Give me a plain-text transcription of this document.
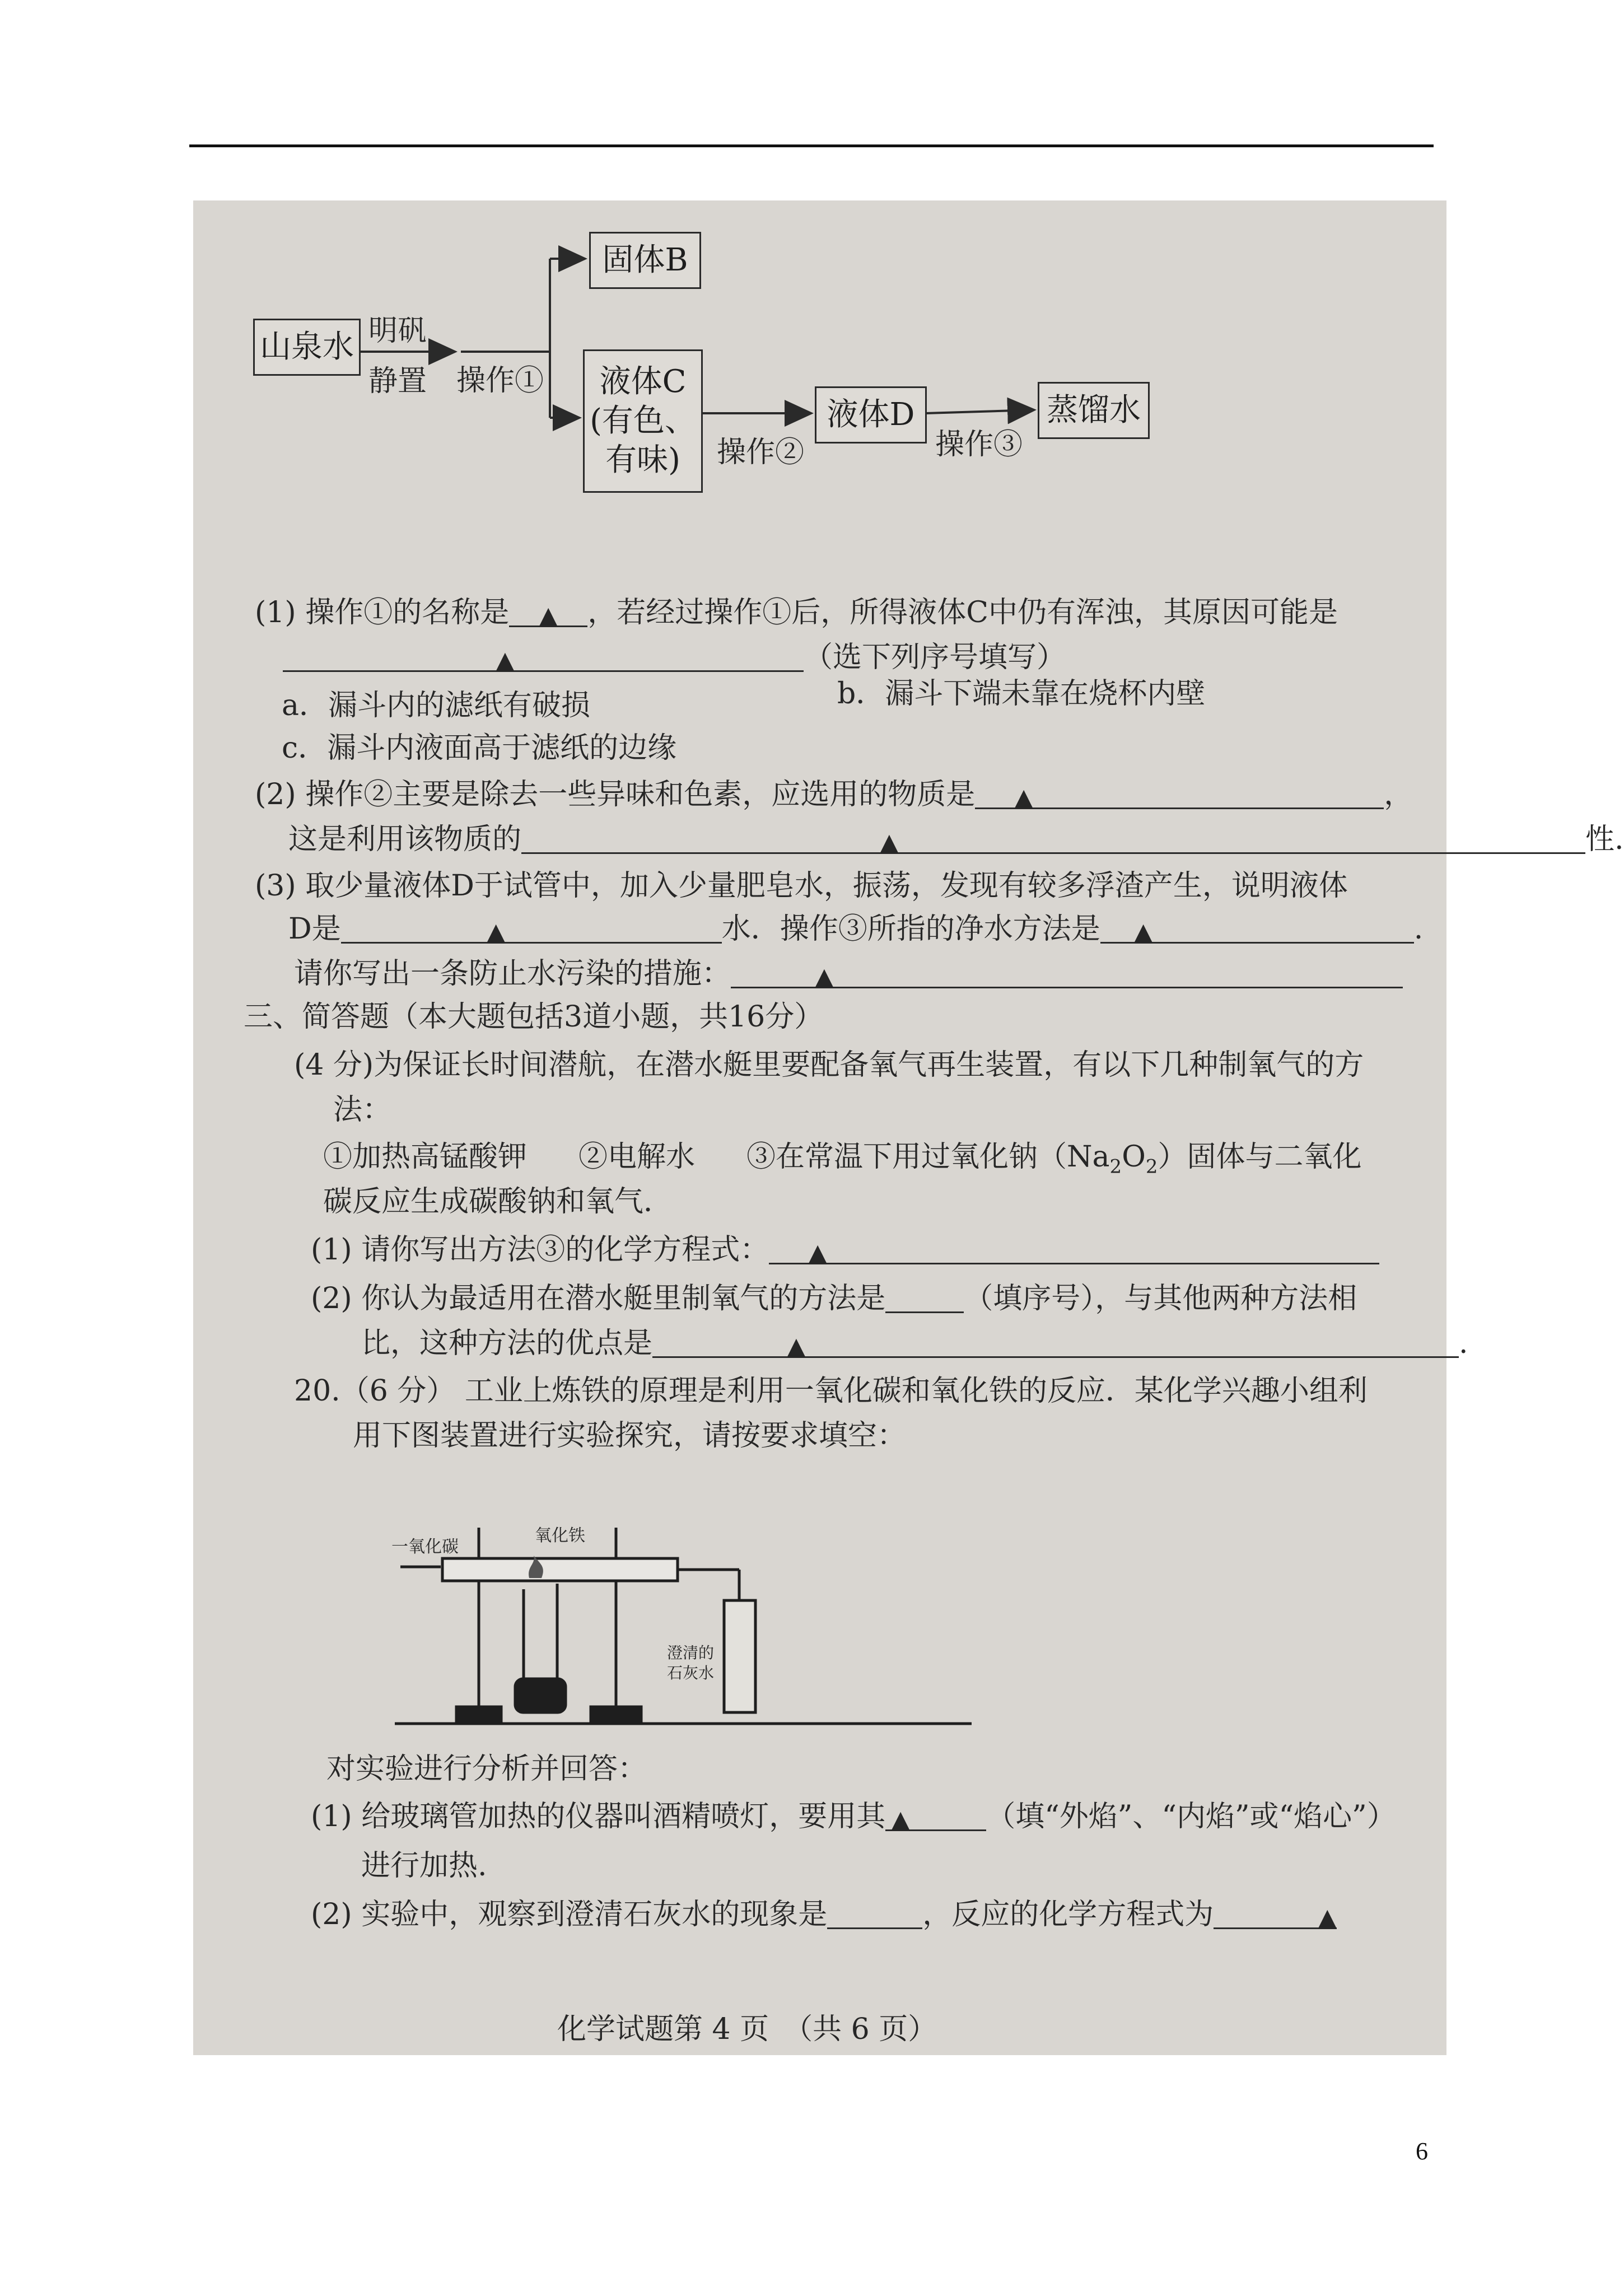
山泉水 明矾
静置 操作①
固体B
液体C
(有色、
有味) 操作②
液体D
操作③
蒸馏水
(1) 操作①的名称是 ▲ ，若经过操作①后，所得液体C中仍有浑浊，其原因可能是
▲	（选下列序号填写）
a．漏斗内的滤纸有破损	b．漏斗下端未靠在烧杯内壁
c．漏斗内液面高于滤纸的边缘
(2) 操作②主要是除去一些异味和色素，应选用的物质是 ▲	，
这是利用该物质的	▲	性.
(3) 取少量液体D于试管中，加入少量肥皂水，振荡，发现有较多浮渣产生，说明液体
D是	▲	水．操作③所指的净水方法是 ▲	.
请你写出一条防止水污染的措施：	▲
三、简答题（本大题包括3道小题，共16分）
(4 分)为保证长时间潜航，在潜水艇里要配备氧气再生装置，有以下几种制氧气的方
法：
①加热高锰酸钾 ②电解水 ③在常温下用过氧化钠$(Na_2O_2)$固体与二氧化
碳反应生成碳酸钠和氧气．
(1) 请你写出方法③的化学方程式： ▲
(2) 你认为最适用在潜水艇里制氧气的方法是	（填序号），与其他两种方法相
比，这种方法的优点是	▲	.
20.（6 分） 工业上炼铁的原理是利用一氧化碳和氧化铁的反应．某化学兴趣小组利
用下图装置进行实验探究，请按要求填空：
一氧化碳
氧化铁
澄清的
石灰水
对实验进行分析并回答：
(1) 给玻璃管加热的仪器叫酒精喷灯，要用其 ▲	（填“外焰”、“内焰”或“焰心”）
进行加热.
(2) 实验中，观察到澄清石灰水的现象是	，反应的化学方程式为	▲
化学试题第 4 页　（共 6 页）
6
